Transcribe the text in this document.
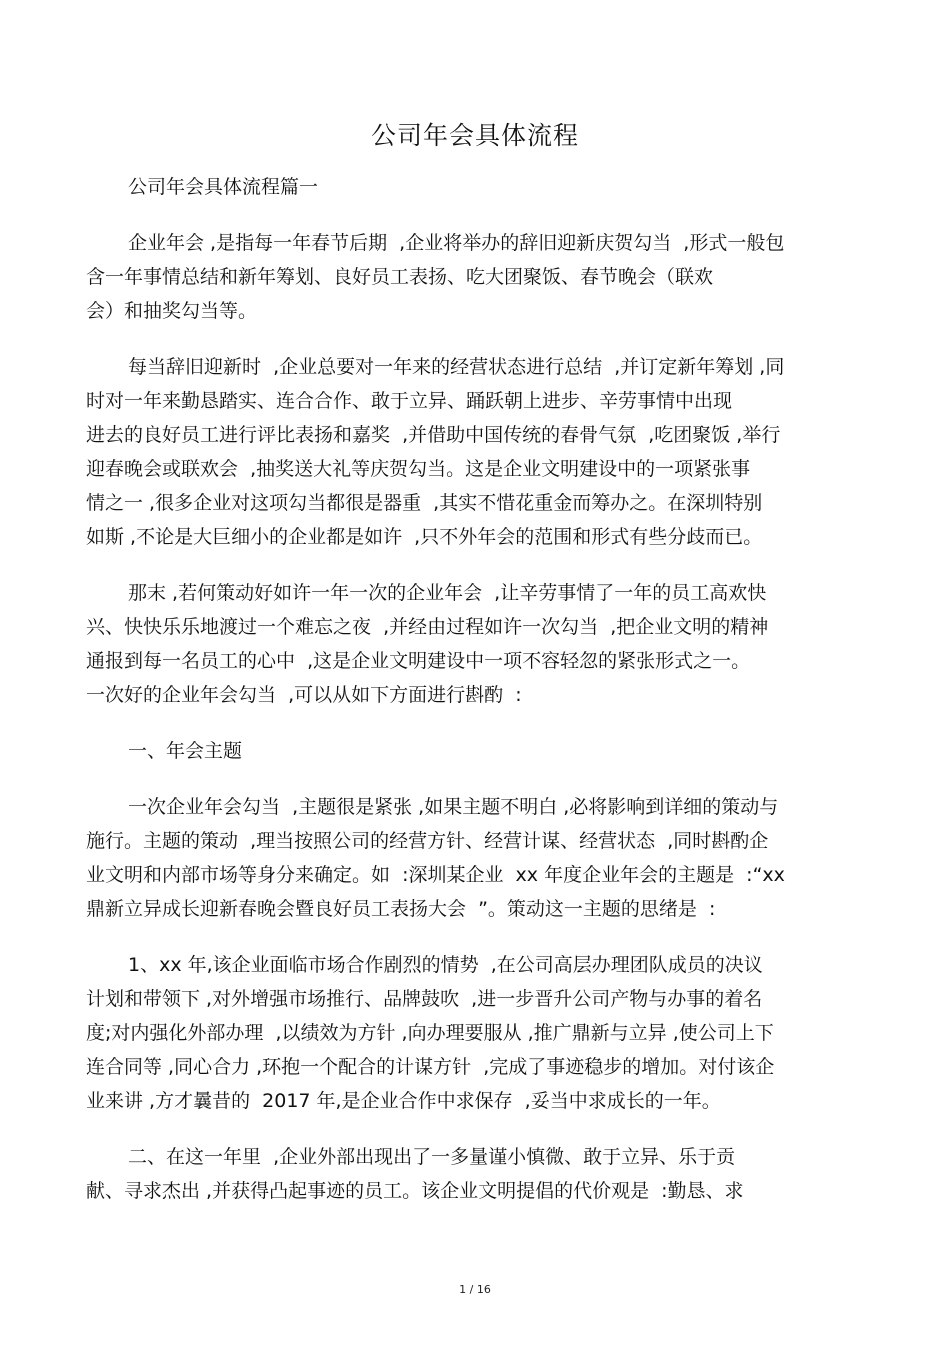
公司年会具体流程
公司年会具体流程篇一
企业年会 ,是指每一年春节后期  ,企业将举办的辞旧迎新庆贺勾当  ,形式一般包
含一年事情总结和新年筹划、良好员工表扬、吃大团聚饭、春节晚会（联欢
会）和抽奖勾当等。
每当辞旧迎新时  ,企业总要对一年来的经营状态进行总结  ,并订定新年筹划 ,同
时对一年来勤恳踏实、连合合作、敢于立异、踊跃朝上进步、辛劳事情中出现
进去的良好员工进行评比表扬和嘉奖  ,并借助中国传统的春骨气氛  ,吃团聚饭 ,举行
迎春晚会或联欢会  ,抽奖送大礼等庆贺勾当。这是企业文明建设中的一项紧张事
情之一 ,很多企业对这项勾当都很是器重  ,其实不惜花重金而筹办之。在深圳特别
如斯 ,不论是大巨细小的企业都是如许  ,只不外年会的范围和形式有些分歧而已。
那末 ,若何策动好如许一年一次的企业年会  ,让辛劳事情了一年的员工高欢快
兴、快快乐乐地渡过一个难忘之夜  ,并经由过程如许一次勾当  ,把企业文明的精神
通报到每一名员工的心中  ,这是企业文明建设中一项不容轻忽的紧张形式之一。
一次好的企业年会勾当  ,可以从如下方面进行斟酌  :
一、年会主题
一次企业年会勾当  ,主题很是紧张 ,如果主题不明白 ,必将影响到详细的策动与
施行。主题的策动  ,理当按照公司的经营方针、经营计谋、经营状态  ,同时斟酌企
业文明和内部市场等身分来确定。如  :深圳某企业  xx 年度企业年会的主题是  :“xx
鼎新立异成长迎新春晚会暨良好员工表扬大会  ”。策动这一主题的思绪是  :
1、xx 年,该企业面临市场合作剧烈的情势  ,在公司高层办理团队成员的决议
计划和带领下 ,对外增强市场推行、品牌鼓吹  ,进一步晋升公司产物与办事的着名
度;对内强化外部办理  ,以绩效为方针 ,向办理要服从 ,推广鼎新与立异 ,使公司上下
连合同等 ,同心合力 ,环抱一个配合的计谋方针  ,完成了事迹稳步的增加。对付该企
业来讲 ,方才曩昔的  2017 年,是企业合作中求保存  ,妥当中求成长的一年。
二、在这一年里  ,企业外部出现出了一多量谨小慎微、敢于立异、乐于贡
献、寻求杰出 ,并获得凸起事迹的员工。该企业文明提倡的代价观是  :勤恳、求
1 / 16
